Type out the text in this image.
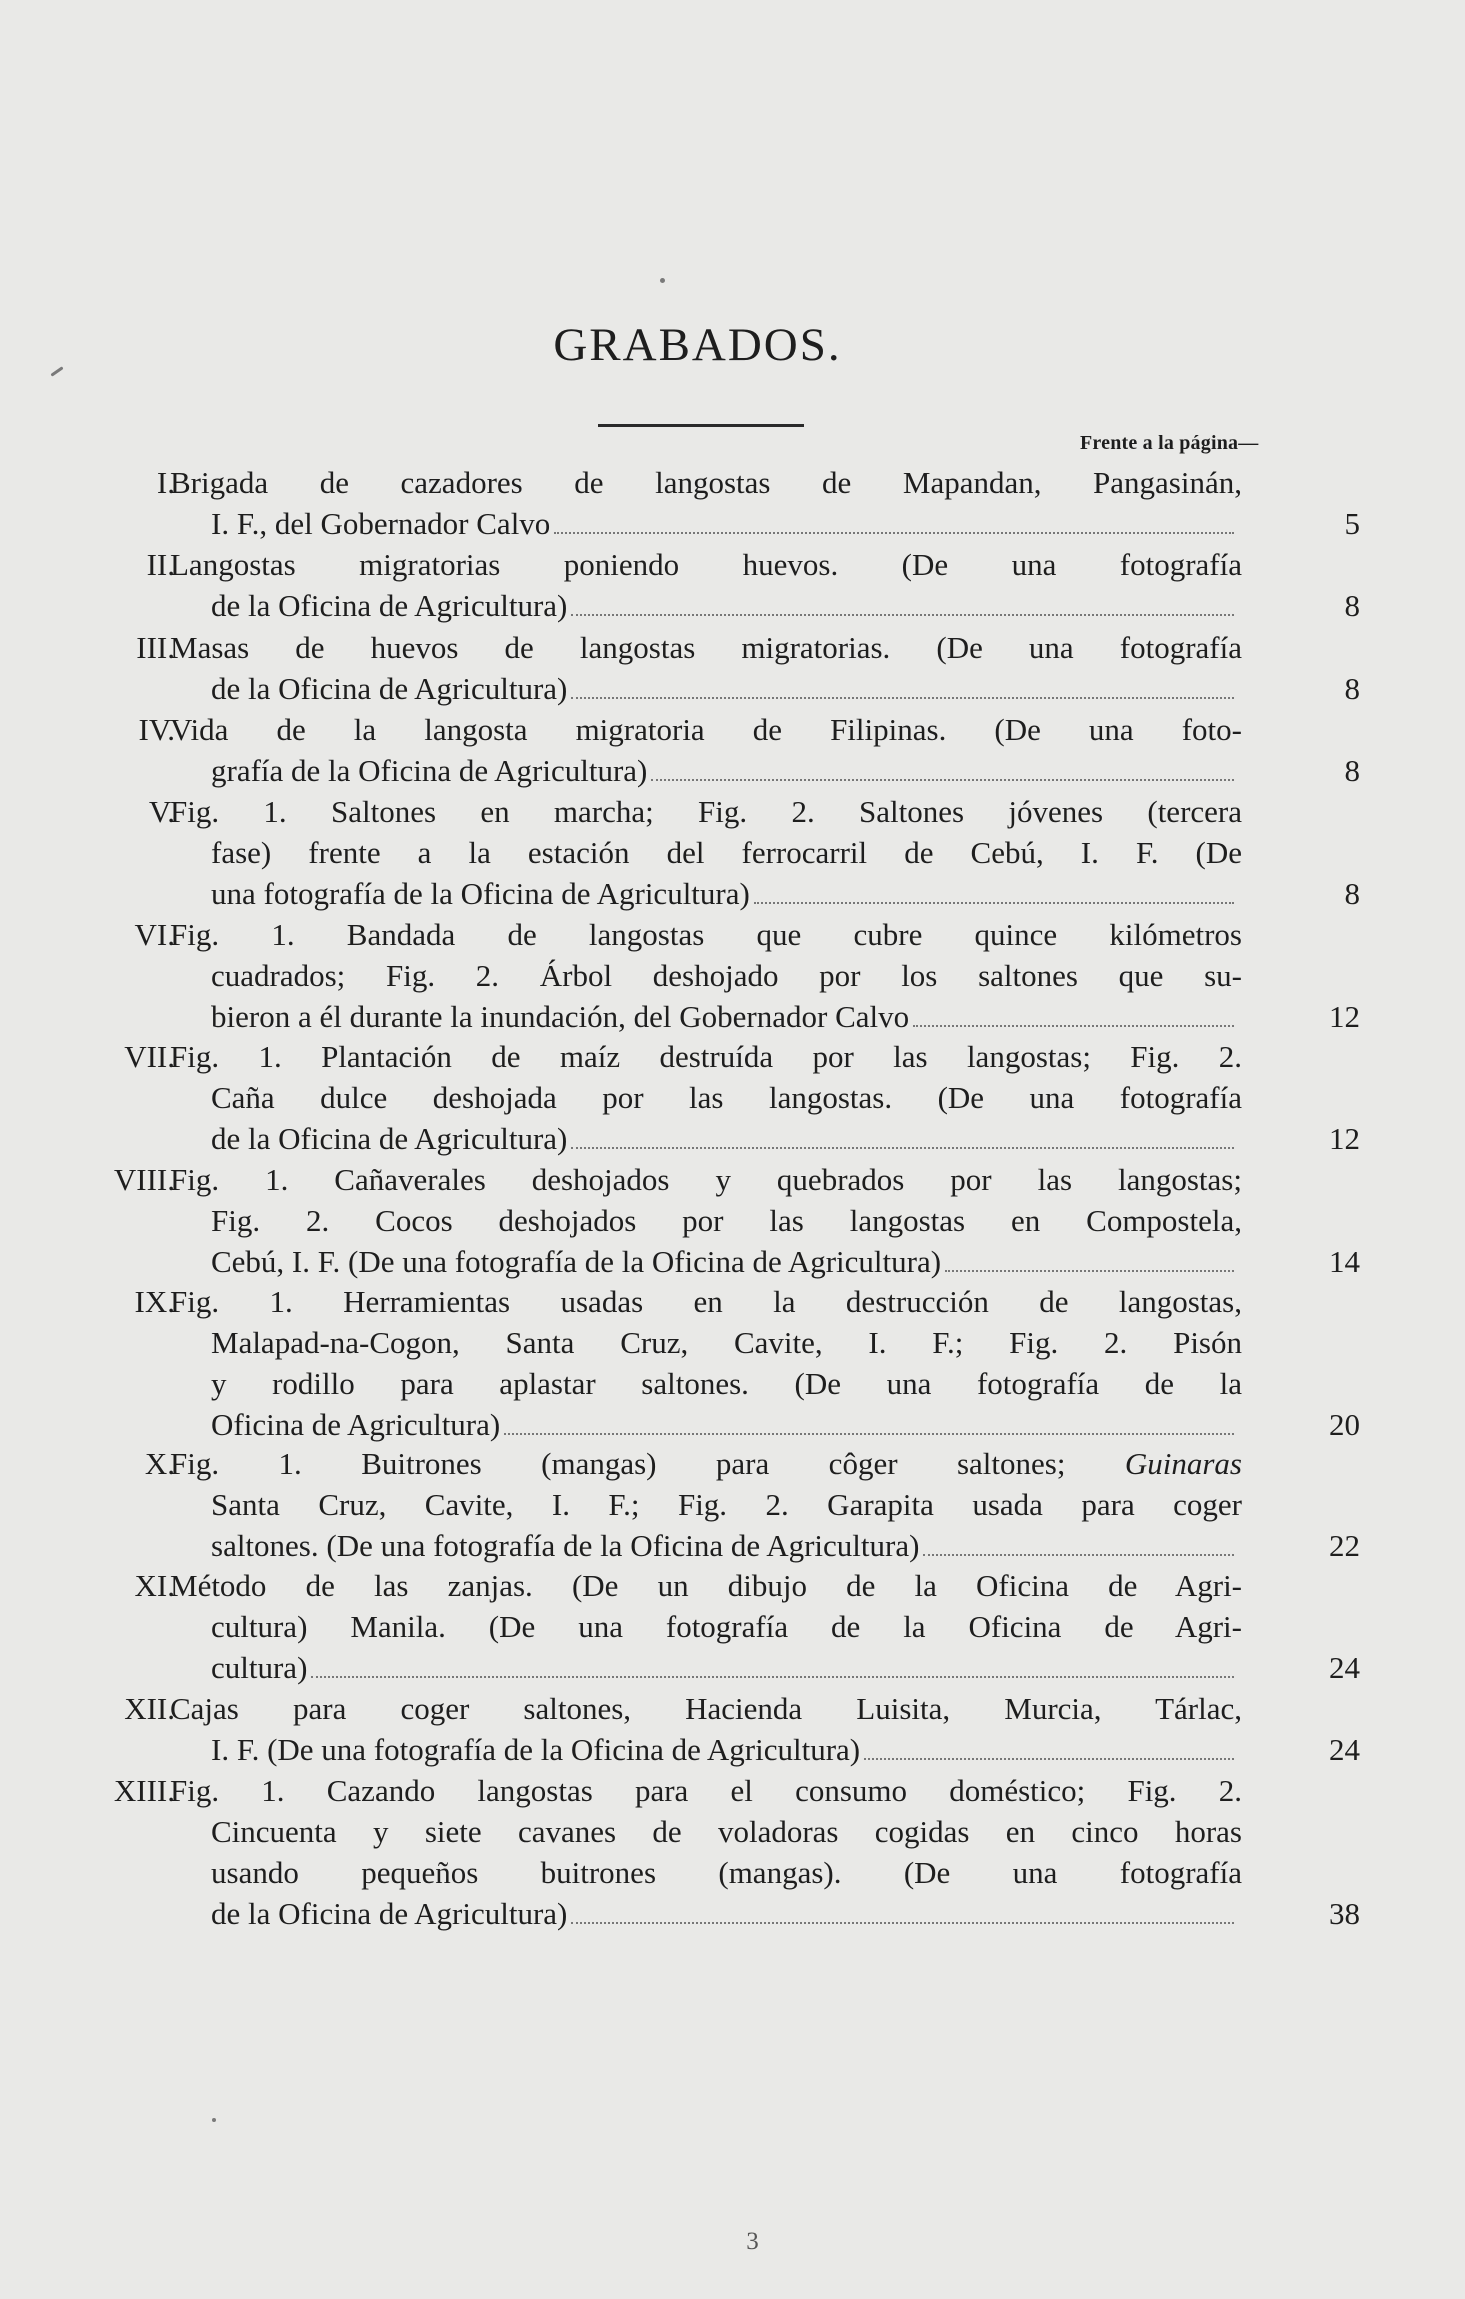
GRABADOS.
Frente a la página—
I.
Brigada de cazadores de langostas de Mapandan, Pangasinán,
I. F., del Gobernador Calvo	5
II.
Langostas migratorias poniendo huevos. (De una fotografía
de la Oficina de Agricultura)	8
III.
Masas de huevos de langostas migratorias. (De una fotografía
de la Oficina de Agricultura)	8
IV.
Vida de la langosta migratoria de Filipinas. (De una foto-
grafía de la Oficina de Agricultura)	8
V.
Fig. 1. Saltones en marcha; Fig. 2. Saltones jóvenes (tercera
fase) frente a la estación del ferrocarril de Cebú, I. F. (De
una fotografía de la Oficina de Agricultura)	8
VI.
Fig. 1. Bandada de langostas que cubre quince kilómetros
cuadrados; Fig. 2. Árbol deshojado por los saltones que su-
bieron a él durante la inundación, del Gobernador Calvo	12
VII.
Fig. 1. Plantación de maíz destruída por las langostas; Fig. 2.
Caña dulce deshojada por las langostas. (De una fotografía
de la Oficina de Agricultura)	12
VIII.
Fig. 1. Cañaverales deshojados y quebrados por las langostas;
Fig. 2. Cocos deshojados por las langostas en Compostela,
Cebú, I. F. (De una fotografía de la Oficina de Agricultura)	14
IX.
Fig. 1. Herramientas usadas en la destrucción de langostas,
Malapad-na-Cogon, Santa Cruz, Cavite, I. F.; Fig. 2. Pisón
y rodillo para aplastar saltones. (De una fotografía de la
Oficina de Agricultura)	20
X.
Fig. 1. Buitrones (mangas) para côger saltones; Guinaras
Santa Cruz, Cavite, I. F.; Fig. 2. Garapita usada para coger
saltones. (De una fotografía de la Oficina de Agricultura)	22
XI.
Método de las zanjas. (De un dibujo de la Oficina de Agri-
cultura) Manila. (De una fotografía de la Oficina de Agri-
cultura)	24
XII.
Cajas para coger saltones, Hacienda Luisita, Murcia, Tárlac,
I. F. (De una fotografía de la Oficina de Agricultura)	24
XIII.
Fig. 1. Cazando langostas para el consumo doméstico; Fig. 2.
Cincuenta y siete cavanes de voladoras cogidas en cinco horas
usando pequeños buitrones (mangas). (De una fotografía
de la Oficina de Agricultura)	38
3
